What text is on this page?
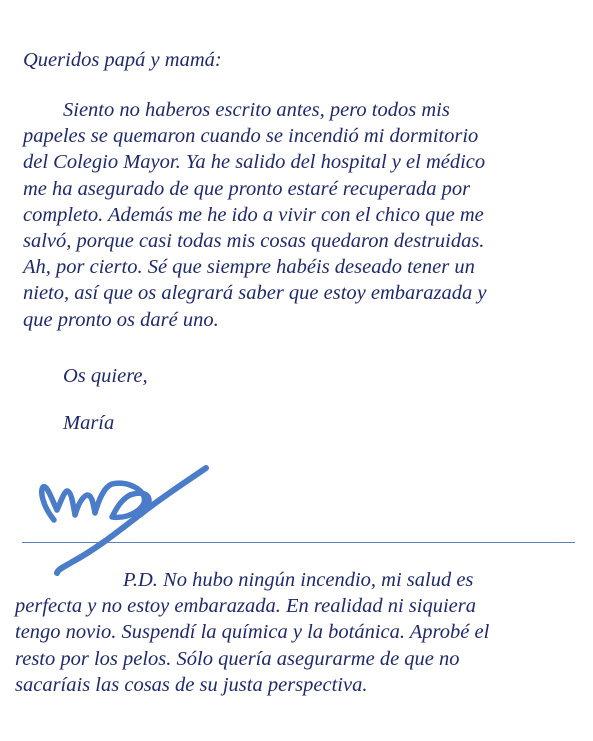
Queridos papá y mamá:
Siento no haberos escrito antes, pero todos mis
papeles se quemaron cuando se incendió mi dormitorio
del Colegio Mayor. Ya he salido del hospital y el médico
me ha asegurado de que pronto estaré recuperada por
completo. Además me he ido a vivir con el chico que me
salvó, porque casi todas mis cosas quedaron destruidas.
Ah, por cierto. Sé que siempre habéis deseado tener un
nieto, así que os alegrará saber que estoy embarazada y
que pronto os daré uno.
Os quiere,
María
P.D. No hubo ningún incendio, mi salud es
perfecta y no estoy embarazada. En realidad ni siquiera
tengo novio. Suspendí la química y la botánica. Aprobé el
resto por los pelos. Sólo quería asegurarme de que no
sacaríais las cosas de su justa perspectiva.
